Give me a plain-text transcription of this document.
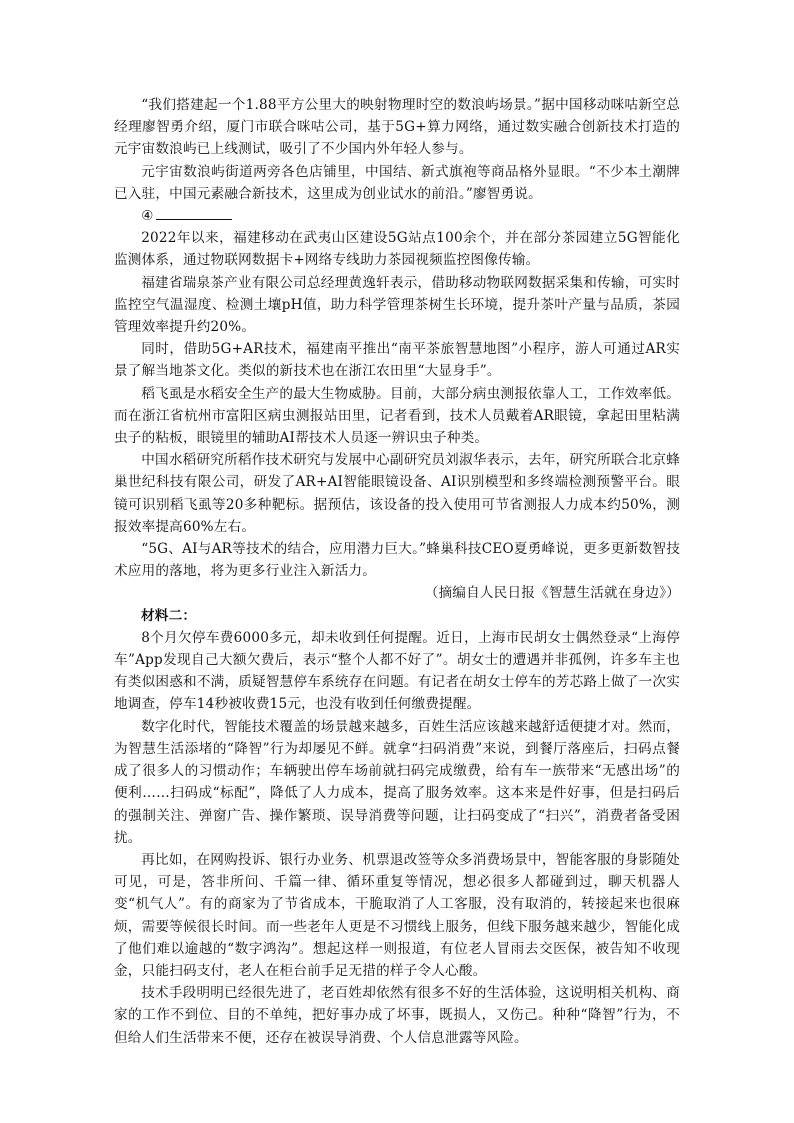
“我们搭建起一个1.88平方公里大的映射物理时空的数浪屿场景。”据中国移动咪咕新空总经理廖智勇介绍，厦门市联合咪咕公司，基于5G+算力网络，通过数实融合创新技术打造的元宇宙数浪屿已上线测试，吸引了不少国内外年轻人参与。

元宇宙数浪屿街道两旁各色店铺里，中国结、新式旗袍等商品格外显眼。“不少本土潮牌已入驻，中国元素融合新技术，这里成为创业试水的前沿。”廖智勇说。

④

2022年以来，福建移动在武夷山区建设5G站点100余个，并在部分茶园建立5G智能化监测体系，通过物联网数据卡+网络专线助力茶园视频监控图像传输。

福建省瑞泉茶产业有限公司总经理黄逸轩表示，借助移动物联网数据采集和传输，可实时监控空气温湿度、检测土壤pH值，助力科学管理茶树生长环境，提升茶叶产量与品质，茶园管理效率提升约20%。

同时，借助5G+AR技术，福建南平推出“南平茶旅智慧地图”小程序，游人可通过AR实景了解当地茶文化。类似的新技术也在浙江农田里“大显身手”。

稻飞虱是水稻安全生产的最大生物威胁。目前，大部分病虫测报依靠人工，工作效率低。而在浙江省杭州市富阳区病虫测报站田里，记者看到，技术人员戴着AR眼镜，拿起田里粘满虫子的粘板，眼镜里的辅助AI帮技术人员逐一辨识虫子种类。

中国水稻研究所稻作技术研究与发展中心副研究员刘淑华表示，去年，研究所联合北京蜂巢世纪科技有限公司，研发了AR+AI智能眼镜设备、AI识别模型和多终端检测预警平台。眼镜可识别稻飞虱等20多种靶标。据预估，该设备的投入使用可节省测报人力成本约50%，测报效率提高60%左右。

“5G、AI与AR等技术的结合，应用潜力巨大。”蜂巢科技CEO夏勇峰说，更多更新数智技术应用的落地，将为更多行业注入新活力。

（摘编自人民日报《智慧生活就在身边》）

材料二：

8个月欠停车费6000多元，却未收到任何提醒。近日，上海市民胡女士偶然登录“上海停车”App发现自己大额欠费后，表示“整个人都不好了”。胡女士的遭遇并非孤例，许多车主也有类似困惑和不满，质疑智慧停车系统存在问题。有记者在胡女士停车的芳芯路上做了一次实地调查，停车14秒被收费15元，也没有收到任何缴费提醒。

数字化时代，智能技术覆盖的场景越来越多，百姓生活应该越来越舒适便捷才对。然而，为智慧生活添堵的“降智”行为却屡见不鲜。就拿“扫码消费”来说，到餐厅落座后，扫码点餐成了很多人的习惯动作；车辆驶出停车场前就扫码完成缴费，给有车一族带来“无感出场”的便利……扫码成“标配”，降低了人力成本，提高了服务效率。这本来是件好事，但是扫码后的强制关注、弹窗广告、操作繁琐、误导消费等问题，让扫码变成了“扫兴”，消费者备受困扰。

再比如，在网购投诉、银行办业务、机票退改签等众多消费场景中，智能客服的身影随处可见，可是，答非所问、千篇一律、循环重复等情况，想必很多人都碰到过，聊天机器人变“机气人”。有的商家为了节省成本，干脆取消了人工客服，没有取消的，转接起来也很麻烦，需要等候很长时间。而一些老年人更是不习惯线上服务，但线下服务越来越少，智能化成了他们难以逾越的“数字鸿沟”。想起这样一则报道，有位老人冒雨去交医保，被告知不收现金，只能扫码支付，老人在柜台前手足无措的样子令人心酸。

技术手段明明已经很先进了，老百姓却依然有很多不好的生活体验，这说明相关机构、商家的工作不到位、目的不单纯，把好事办成了坏事，既损人，又伤己。种种“降智”行为，不但给人们生活带来不便，还存在被误导消费、个人信息泄露等风险。
